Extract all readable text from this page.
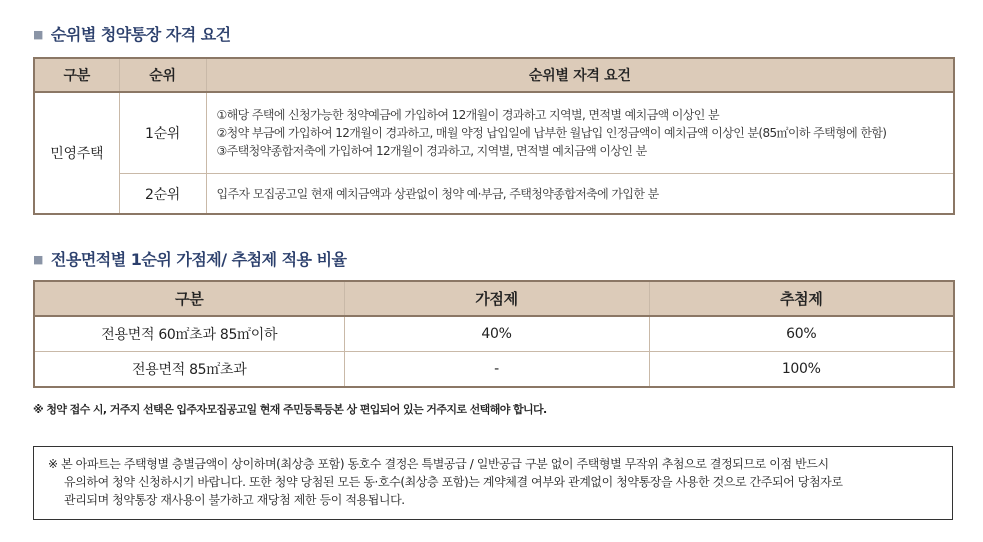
■ 순위별 청약통장 자격 요건
구분	순위	순위별 자격 요건
민영주택	1순위	①해당 주택에 신청가능한 청약예금에 가입하여 12개월이 경과하고 지역별, 면적별 예치금액 이상인 분
②청약 부금에 가입하여 12개월이 경과하고, 매월 약정 납입일에 납부한 월납입 인정금액이 예치금액 이상인 분(85㎡이하 주택형에 한함)
③주택청약종합저축에 가입하여 12개월이 경과하고, 지역별, 면적별 예치금액 이상인 분

	2순위	입주자 모집공고일 현재 예치금액과 상관없이 청약 예·부금, 주택청약종합저축에 가입한 분
■ 전용면적별 1순위 가점제/ 추첨제 적용 비율
구분	가점제	추첨제
전용면적 60㎡초과 85㎡이하	40%	60%
전용면적 85㎡초과	-	100%
※ 청약 접수 시, 거주지 선택은 입주자모집공고일 현재 주민등록등본 상 편입되어 있는 거주지로 선택해야 합니다.
※ 본 아파트는 주택형별 층별금액이 상이하며(최상층 포함) 동호수 결정은 특별공급 / 일반공급 구분 없이 주택형별 무작위 추첨으로 결정되므로 이점 반드시
유의하여 청약 신청하시기 바랍니다. 또한 청약 당첨된 모든 동·호수(최상층 포함)는 계약체결 여부와 관계없이 청약통장을 사용한 것으로 간주되어 당첨자로
관리되며 청약통장 재사용이 불가하고 재당첨 제한 등이 적용됩니다.
